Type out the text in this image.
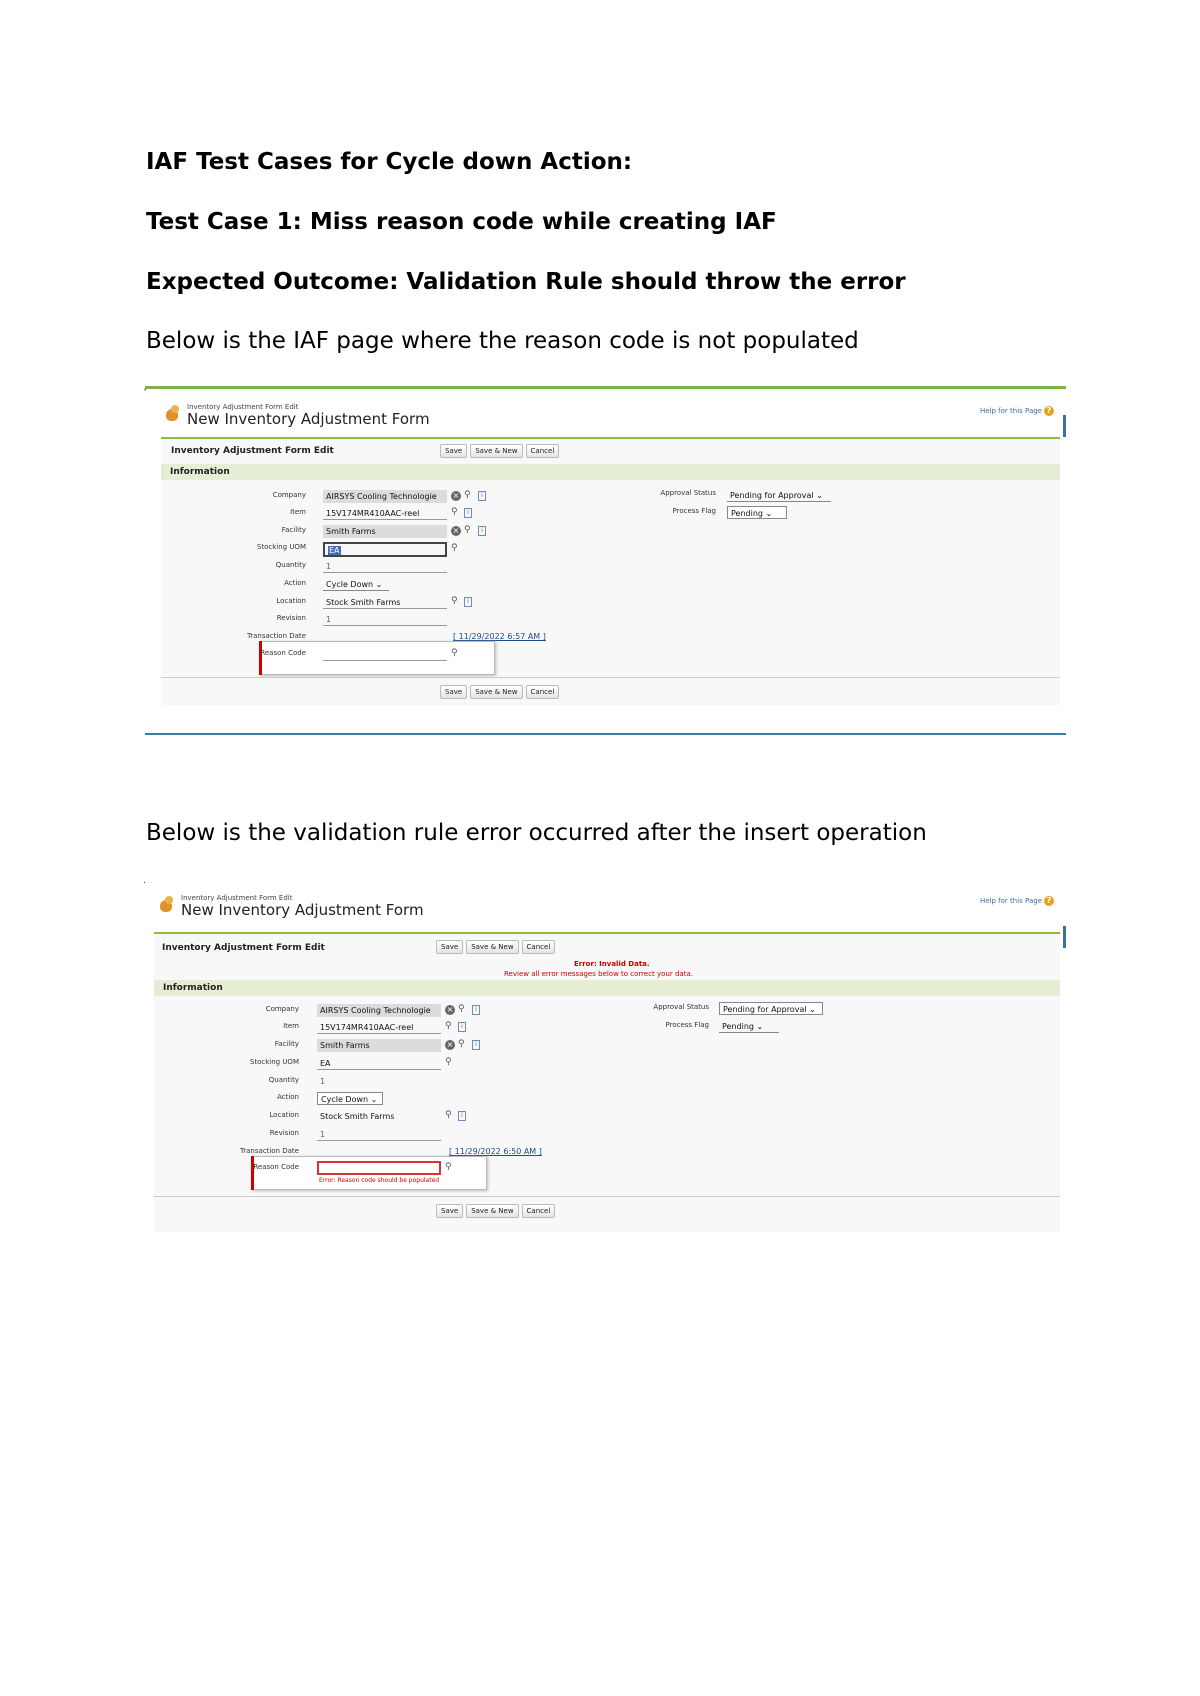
IAF Test Cases for Cycle down Action:
Test Case 1: Miss reason code while creating IAF
Expected Outcome: Validation Rule should throw the error
Below is the IAF page where the reason code is not populated
ˇ
Inventory Adjustment Form Edit
New Inventory Adjustment Form	Help for this Page ?
Inventory Adjustment Form Edit	Save	Save & New	Cancel
Information
Company	AIRSYS Cooling Technologie	× ⚲	i
Item	15V174MR410AAC-reel	⚲	i
Facility	Smith Farms	× ⚲	i
Stocking UOM	EA	⚲
Quantity	1
Action	Cycle Down ⌄
Location	Stock Smith Farms	⚲	i
Revision	1
Transaction Date	[ 11/29/2022 6:57 AM ]
Reason Code	⚲
Approval Status	Pending for Approval ⌄
Process Flag	Pending ⌄
Save	Save & New	Cancel
Below is the validation rule error occurred after the insert operation
.
Inventory Adjustment Form Edit
New Inventory Adjustment Form	Help for this Page ?
Inventory Adjustment Form Edit	Save	Save & New	Cancel
Error: Invalid Data.
Review all error messages below to correct your data.
Information
Company	AIRSYS Cooling Technologie	× ⚲	i
Item	15V174MR410AAC-reel	⚲	i
Facility	Smith Farms	× ⚲	i
Stocking UOM	EA	⚲
Quantity	1
Action	Cycle Down ⌄
Location	Stock Smith Farms	⚲	i
Revision	1
Transaction Date	[ 11/29/2022 6:50 AM ]
Reason Code	⚲
Error: Reason code should be populated
Approval Status	Pending for Approval ⌄
Process Flag	Pending ⌄
Save	Save & New	Cancel
